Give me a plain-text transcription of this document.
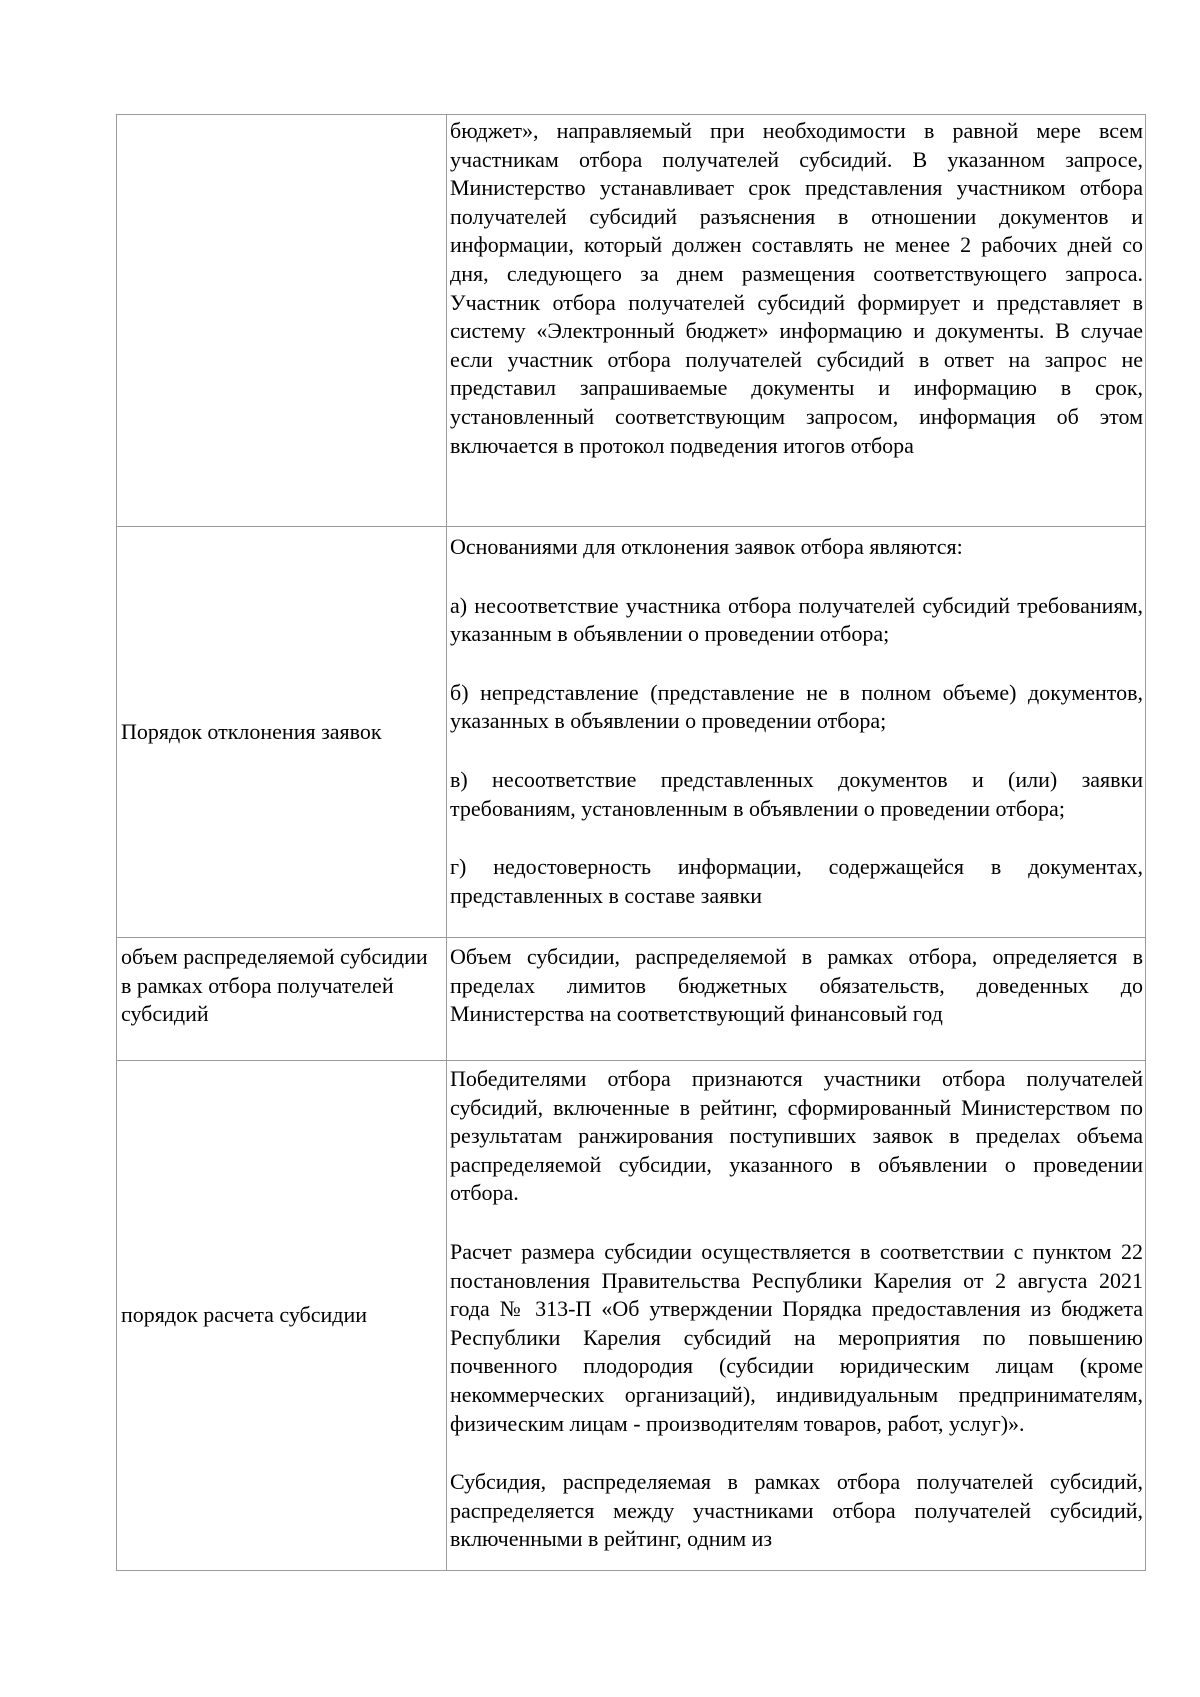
	бюджет», направляемый при необходимости в равной мере всем участникам отбора получателей субсидий. В указанном запросе, Министерство устанавливает срок представления участником отбора получателей субсидий разъяснения в отношении документов и информации, который должен составлять не менее 2 рабочих дней со дня, следующего за днем размещения соответствующего запроса. Участник отбора получателей субсидий формирует и представляет в систему «Электронный бюджет» информацию и документы. В случае если участник отбора получателей субсидий в ответ на запрос не представил запрашиваемые документы и информацию в срок, установленный соответствующим запросом, информация об этом включается в протокол подведения итогов отбора

Порядок отклонения заявок	Основаниями для отклонения заявок отбора являются:

а) несоответствие участника отбора получателей субсидий требованиям, указанным в объявлении о проведении отбора;

б) непредставление (представление не в полном объеме) документов, указанных в объявлении о проведении отбора;

в) несоответствие представленных документов и (или) заявки требованиям, установленным в объявлении о проведении отбора;

г) недостоверность информации, содержащейся в документах, представленных в составе заявки

объем распределяемой субсидии в рамках отбора получателей субсидий	Объем субсидии, распределяемой в рамках отбора, определяется в пределах лимитов бюджетных обязательств, доведенных до Министерства на соответствующий финансовый год

порядок расчета субсидии	Победителями отбора признаются участники отбора получателей субсидий, включенные в рейтинг, сформированный Министерством по результатам ранжирования поступивших заявок в пределах объема распределяемой субсидии, указанного в объявлении о проведении отбора.

Расчет размера субсидии осуществляется в соответствии с пунктом 22 постановления Правительства Республики Карелия от 2 августа 2021 года № 313-П «Об утверждении Порядка предоставления из бюджета Республики Карелия субсидий на мероприятия по повышению почвенного плодородия (субсидии юридическим лицам (кроме некоммерческих организаций), индивидуальным предпринимателям, физическим лицам - производителям товаров, работ, услуг)».

Субсидия, распределяемая в рамках отбора получателей субсидий, распределяется между участниками отбора получателей субсидий, включенными в рейтинг, одним из
